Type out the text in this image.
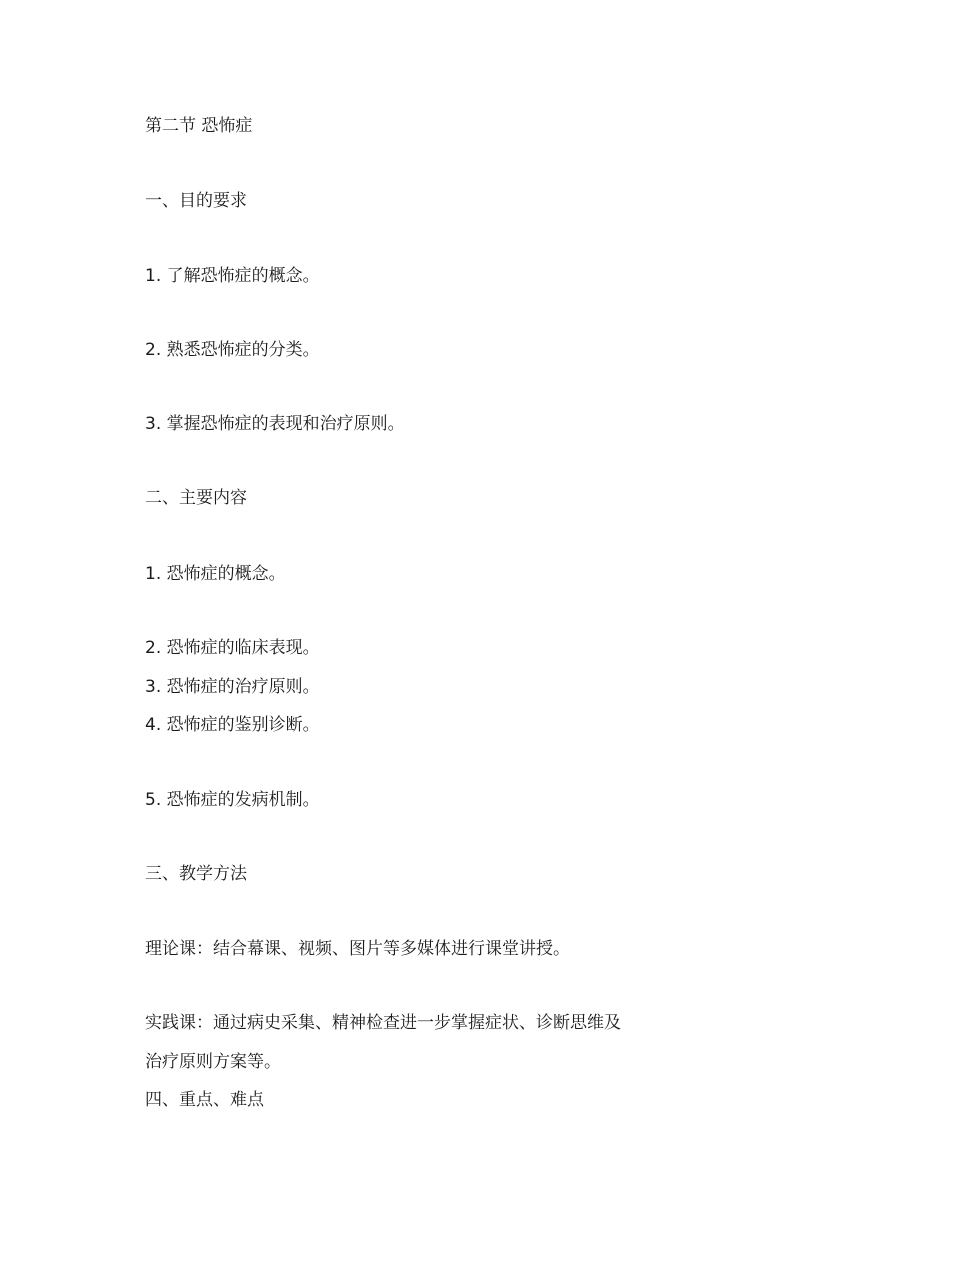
第二节 恐怖症
一、目的要求
1. 了解恐怖症的概念。
2. 熟悉恐怖症的分类。
3. 掌握恐怖症的表现和治疗原则。
二、主要内容
1. 恐怖症的概念。
2. 恐怖症的临床表现。
3. 恐怖症的治疗原则。
4. 恐怖症的鉴别诊断。
5. 恐怖症的发病机制。
三、教学方法
理论课：结合幕课、视频、图片等多媒体进行课堂讲授。
实践课：通过病史采集、精神检查进一步掌握症状、诊断思维及
治疗原则方案等。
四、重点、难点
